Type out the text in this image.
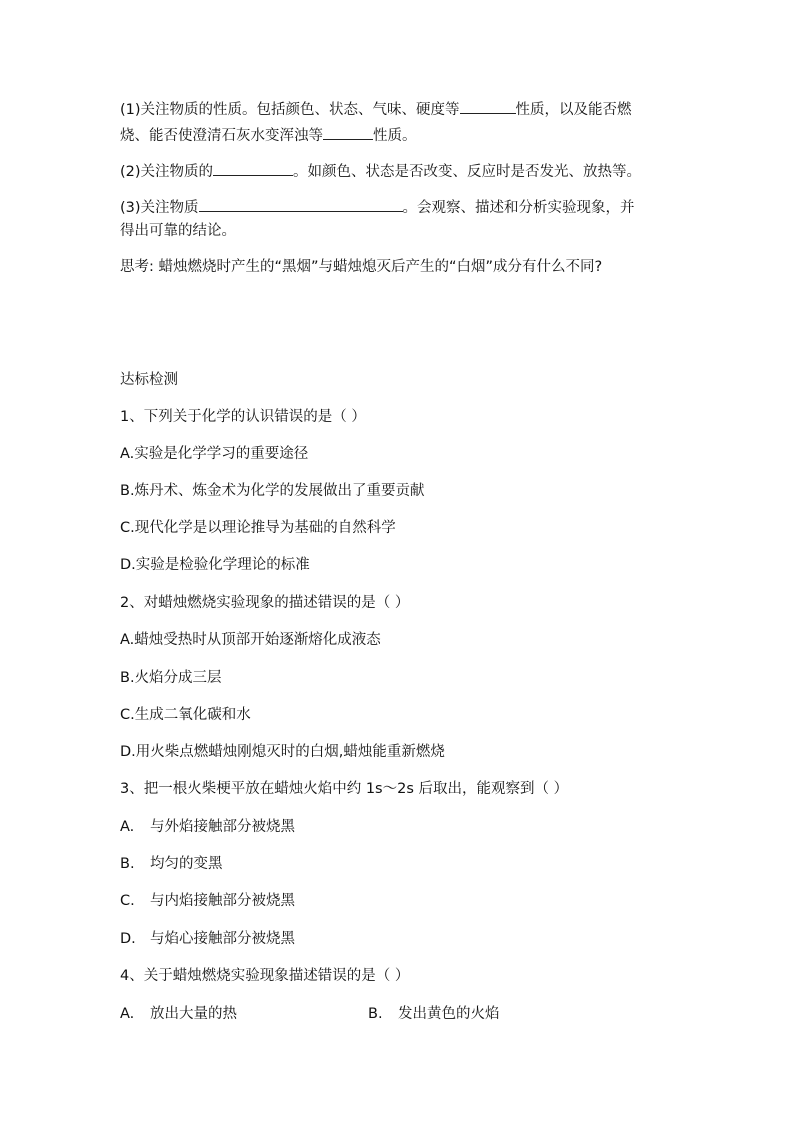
(1)关注物质的性质。包括颜色、状态、气味、硬度等	性质，以及能否燃
烧、能否使澄清石灰水变浑浊等	性质。
(2)关注物质的	。如颜色、状态是否改变、反应时是否发光、放热等。
(3)关注物质	。会观察、描述和分析实验现象，并
得出可靠的结论。
思考: 蜡烛燃烧时产生的“黑烟”与蜡烛熄灭后产生的“白烟”成分有什么不同?
达标检测
1、下列关于化学的认识错误的是（ ）
A.实验是化学学习的重要途径
B.炼丹术、炼金术为化学的发展做出了重要贡献
C.现代化学是以理论推导为基础的自然科学
D.实验是检验化学理论的标准
2、对蜡烛燃烧实验现象的描述错误的是（ ）
A.蜡烛受热时从顶部开始逐渐熔化成液态
B.火焰分成三层
C.生成二氧化碳和水
D.用火柴点燃蜡烛刚熄灭时的白烟,蜡烛能重新燃烧
3、把一根火柴梗平放在蜡烛火焰中约 1s～2s 后取出，能观察到（ ）
A. 与外焰接触部分被烧黑
B. 均匀的变黑
C. 与内焰接触部分被烧黑
D. 与焰心接触部分被烧黑
4、关于蜡烛燃烧实验现象描述错误的是（ ）
A. 放出大量的热	B. 发出黄色的火焰
